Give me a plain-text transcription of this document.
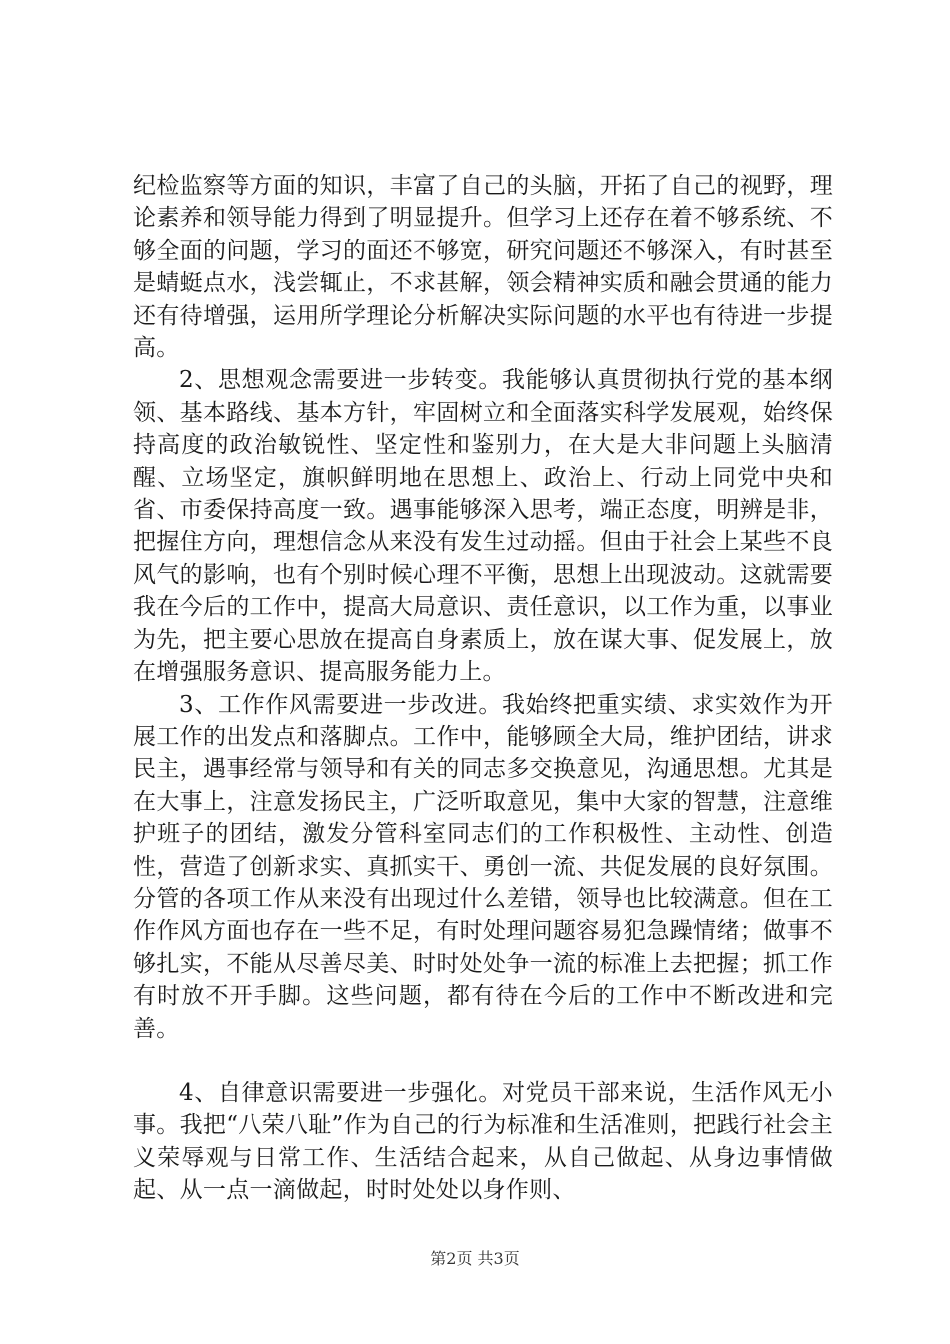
纪检监察等方面的知识，丰富了自己的头脑，开拓了自己的视野，理论素养和领导能力得到了明显提升。但学习上还存在着不够系统、不够全面的问题，学习的面还不够宽，研究问题还不够深入，有时甚至是蜻蜓点水，浅尝辄止，不求甚解，领会精神实质和融会贯通的能力还有待增强，运用所学理论分析解决实际问题的水平也有待进一步提高。

2、思想观念需要进一步转变。我能够认真贯彻执行党的基本纲领、基本路线、基本方针，牢固树立和全面落实科学发展观，始终保持高度的政治敏锐性、坚定性和鉴别力，在大是大非问题上头脑清醒、立场坚定，旗帜鲜明地在思想上、政治上、行动上同党中央和省、市委保持高度一致。遇事能够深入思考，端正态度，明辨是非，把握住方向，理想信念从来没有发生过动摇。但由于社会上某些不良风气的影响，也有个别时候心理不平衡，思想上出现波动。这就需要我在今后的工作中，提高大局意识、责任意识，以工作为重，以事业为先，把主要心思放在提高自身素质上，放在谋大事、促发展上，放在增强服务意识、提高服务能力上。

3、工作作风需要进一步改进。我始终把重实绩、求实效作为开展工作的出发点和落脚点。工作中，能够顾全大局，维护团结，讲求民主，遇事经常与领导和有关的同志多交换意见，沟通思想。尤其是在大事上，注意发扬民主，广泛听取意见，集中大家的智慧，注意维护班子的团结，激发分管科室同志们的工作积极性、主动性、创造性，营造了创新求实、真抓实干、勇创一流、共促发展的良好氛围。分管的各项工作从来没有出现过什么差错，领导也比较满意。但在工作作风方面也存在一些不足，有时处理问题容易犯急躁情绪；做事不够扎实，不能从尽善尽美、时时处处争一流的标准上去把握；抓工作有时放不开手脚。这些问题，都有待在今后的工作中不断改进和完善。

4、自律意识需要进一步强化。对党员干部来说，生活作风无小事。我把“八荣八耻”作为自己的行为标准和生活准则，把践行社会主义荣辱观与日常工作、生活结合起来，从自己做起、从身边事情做起、从一点一滴做起，时时处处以身作则、

第2页 共3页
